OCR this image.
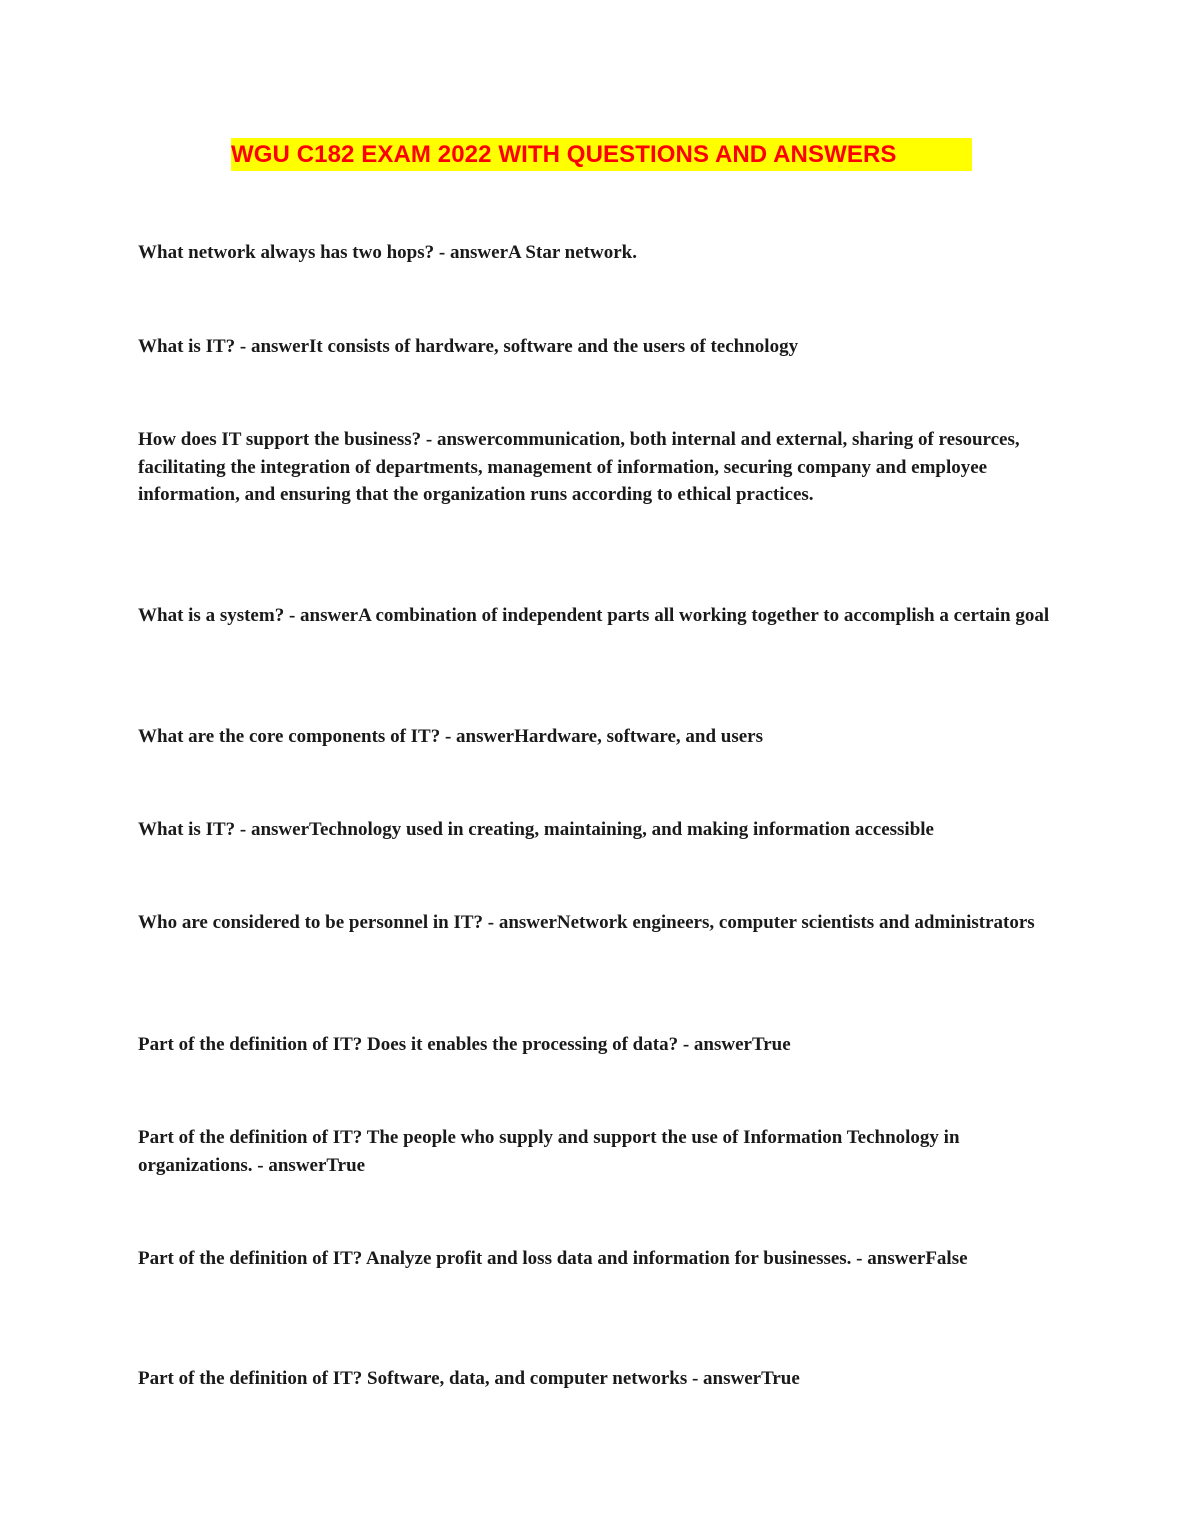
WGU C182 EXAM 2022 WITH QUESTIONS AND ANSWERS

What network always has two hops? - answerA Star network.

What is IT? - answerIt consists of hardware, software and the users of technology

How does IT support the business? - answercommunication, both internal and external, sharing of resources, facilitating the integration of departments, management of information, securing company and employee information, and ensuring that the organization runs according to ethical practices.

What is a system? - answerA combination of independent parts all working together to accomplish a certain goal

What are the core components of IT? - answerHardware, software, and users

What is IT? - answerTechnology used in creating, maintaining, and making information accessible

Who are considered to be personnel in IT? - answerNetwork engineers, computer scientists and administrators

Part of the definition of IT? Does it enables the processing of data? - answerTrue

Part of the definition of IT? The people who supply and support the use of Information Technology in organizations. - answerTrue

Part of the definition of IT? Analyze profit and loss data and information for businesses. - answerFalse

Part of the definition of IT? Software, data, and computer networks - answerTrue
